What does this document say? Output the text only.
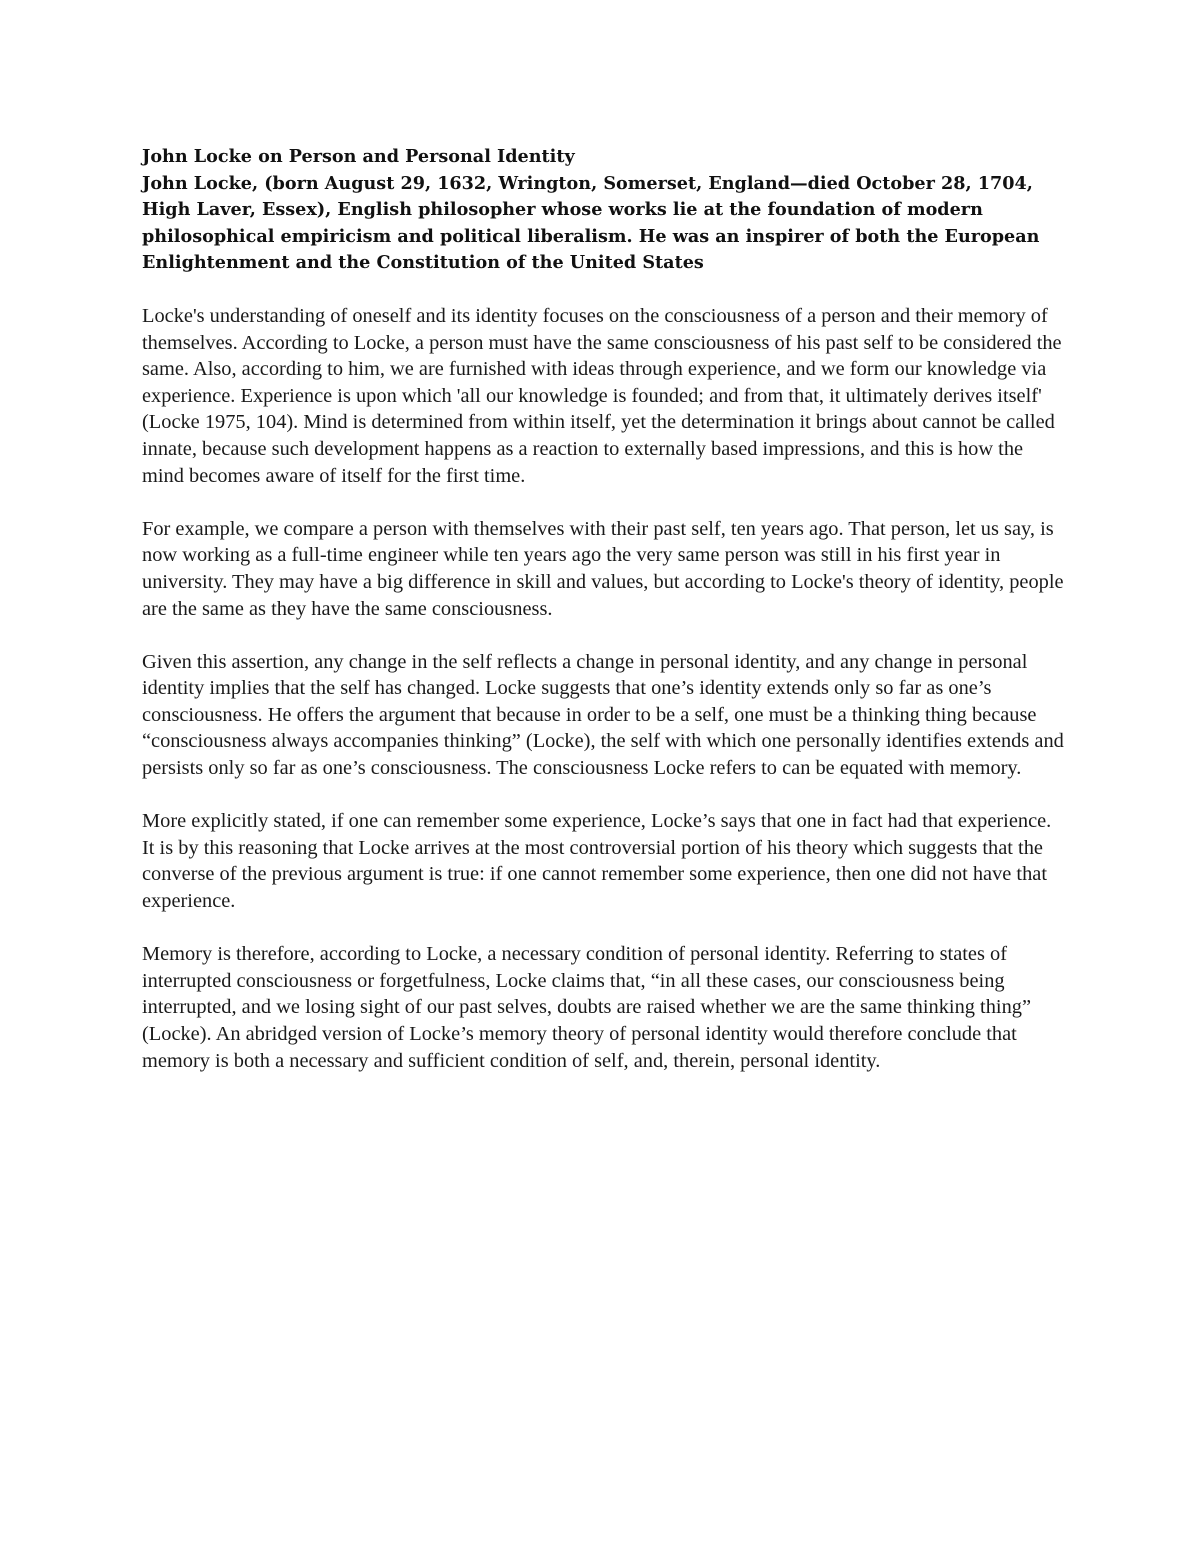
John Locke on Person and Personal Identity

John Locke, (born August 29, 1632, Wrington, Somerset, England—died October 28, 1704, High Laver, Essex), English philosopher whose works lie at the foundation of modern philosophical empiricism and political liberalism. He was an inspirer of both the European Enlightenment and the Constitution of the United States

Locke's understanding of oneself and its identity focuses on the consciousness of a person and their memory of themselves. According to Locke, a person must have the same consciousness of his past self to be considered the same. Also, according to him, we are furnished with ideas through experience, and we form our knowledge via experience. Experience is upon which 'all our knowledge is founded; and from that, it ultimately derives itself' (Locke 1975, 104). Mind is determined from within itself, yet the determination it brings about cannot be called innate, because such development happens as a reaction to externally based impressions, and this is how the mind becomes aware of itself for the first time.

For example, we compare a person with themselves with their past self, ten years ago. That person, let us say, is now working as a full-time engineer while ten years ago the very same person was still in his first year in university. They may have a big difference in skill and values, but according to Locke's theory of identity, people are the same as they have the same consciousness.

Given this assertion, any change in the self reflects a change in personal identity, and any change in personal identity implies that the self has changed. Locke suggests that one’s identity extends only so far as one’s consciousness. He offers the argument that because in order to be a self, one must be a thinking thing because “consciousness always accompanies thinking” (Locke), the self with which one personally identifies extends and persists only so far as one’s consciousness. The consciousness Locke refers to can be equated with memory.

More explicitly stated, if one can remember some experience, Locke’s says that one in fact had that experience. It is by this reasoning that Locke arrives at the most controversial portion of his theory which suggests that the converse of the previous argument is true: if one cannot remember some experience, then one did not have that experience.

Memory is therefore, according to Locke, a necessary condition of personal identity. Referring to states of interrupted consciousness or forgetfulness, Locke claims that, “in all these cases, our consciousness being interrupted, and we losing sight of our past selves, doubts are raised whether we are the same thinking thing” (Locke). An abridged version of Locke’s memory theory of personal identity would therefore conclude that memory is both a necessary and sufficient condition of self, and, therein, personal identity.
